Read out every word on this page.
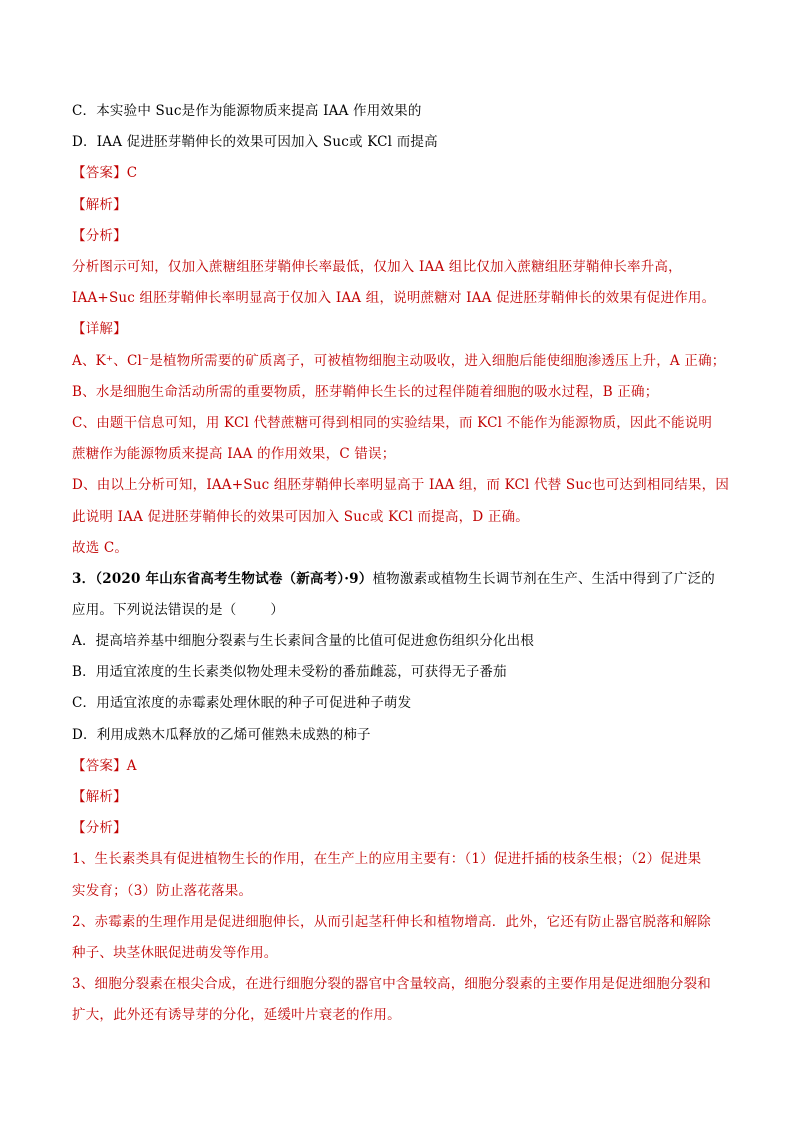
C．本实验中 Suc是作为能源物质来提高 IAA 作用效果的
D．IAA 促进胚芽鞘伸长的效果可因加入 Suc或 KCl 而提高
【答案】C
【解析】
【分析】
分析图示可知，仅加入蔗糖组胚芽鞘伸长率最低，仅加入 IAA 组比仅加入蔗糖组胚芽鞘伸长率升高，
IAA+Suc 组胚芽鞘伸长率明显高于仅加入 IAA 组，说明蔗糖对 IAA 促进胚芽鞘伸长的效果有促进作用。
【详解】
A、K⁺、Cl⁻是植物所需要的矿质离子，可被植物细胞主动吸收，进入细胞后能使细胞渗透压上升，A 正确；
B、水是细胞生命活动所需的重要物质，胚芽鞘伸长生长的过程伴随着细胞的吸水过程，B 正确；
C、由题干信息可知，用 KCl 代替蔗糖可得到相同的实验结果，而 KCl 不能作为能源物质，因此不能说明
蔗糖作为能源物质来提高 IAA 的作用效果，C 错误；
D、由以上分析可知，IAA+Suc 组胚芽鞘伸长率明显高于 IAA 组，而 KCl 代替 Suc也可达到相同结果，因
此说明 IAA 促进胚芽鞘伸长的效果可因加入 Suc或 KCl 而提高，D 正确。
故选 C。
3．（2020 年山东省高考生物试卷（新高考）·9）植物激素或植物生长调节剂在生产、生活中得到了广泛的
应用。下列说法错误的是（	）
A．提高培养基中细胞分裂素与生长素间含量的比值可促进愈伤组织分化出根
B．用适宜浓度的生长素类似物处理未受粉的番茄雌蕊，可获得无子番茄
C．用适宜浓度的赤霉素处理休眠的种子可促进种子萌发
D．利用成熟木瓜释放的乙烯可催熟未成熟的柿子
【答案】A
【解析】
【分析】
1、生长素类具有促进植物生长的作用，在生产上的应用主要有：（1）促进扦插的枝条生根；（2）促进果
实发育；（3）防止落花落果。
2、赤霉素的生理作用是促进细胞伸长，从而引起茎秆伸长和植物增高．此外，它还有防止器官脱落和解除
种子、块茎休眠促进萌发等作用。
3、细胞分裂素在根尖合成，在进行细胞分裂的器官中含量较高，细胞分裂素的主要作用是促进细胞分裂和
扩大，此外还有诱导芽的分化，延缓叶片衰老的作用。
